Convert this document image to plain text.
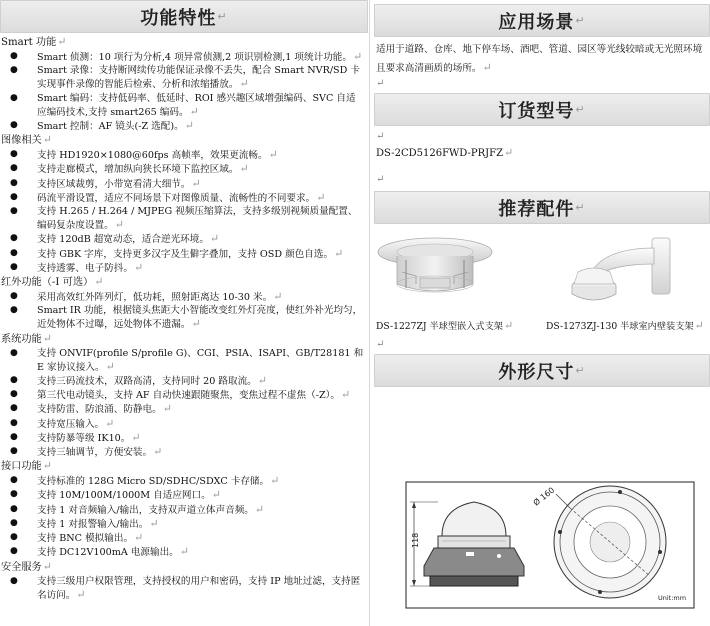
功能特性 ↵
Smart 功能↵
● Smart 侦测：10 项行为分析,4 项异常侦测,2 项识别检测,1 项统计功能。↵
● Smart 录像：支持断网续传功能保证录像不丢失，配合 Smart NVR/SD 卡实现事件录像的智能后检索、分析和浓缩播放。↵
● Smart 编码：支持低码率、低延时、ROI 感兴趣区域增强编码、SVC 自适应编码技术,支持 smart265 编码。↵
● Smart 控制：AF 镜头(-Z 选配)。↵
图像相关↵
● 支持 HD1920×1080@60fps 高帧率，效果更流畅。↵
● 支持走廊模式，增加纵向狭长环境下监控区域。↵
● 支持区域裁剪，小带宽看清大细节。↵
● 码流平滑设置，适应不同场景下对图像质量、流畅性的不同要求。↵
● 支持 H.265 / H.264 / MJPEG 视频压缩算法，支持多级别视频质量配置、编码复杂度设置。↵
● 支持 120dB 超宽动态，适合逆光环境。↵
● 支持 GBK 字库，支持更多汉字及生僻字叠加，支持 OSD 颜色自选。↵
● 支持透雾、电子防抖。↵
红外功能（-I 可选）↵
● 采用高效红外阵列灯，低功耗，照射距离达 10-30 米。↵
● Smart IR 功能，根据镜头焦距大小智能改变红外灯亮度，使红外补光均匀，近处物体不过曝，远处物体不遗漏。↵
系统功能↵
● 支持 ONVIF(profile S/profile G)、CGI、PSIA、ISAPI、GB/T28181 和 E 家协议接入。↵
● 支持三码流技术，双路高清，支持同时 20 路取流。↵
● 第三代电动镜头，支持 AF 自动快速跟随聚焦，变焦过程不虚焦（-Z）。↵
● 支持防雷、防浪涌、防静电。↵
● 支持宽压输入。↵
● 支持防暴等级 IK10。↵
● 支持三轴调节，方便安装。↵
接口功能↵
● 支持标准的 128G Micro SD/SDHC/SDXC 卡存储。↵
● 支持 10M/100M/1000M 自适应网口。↵
● 支持 1 对音频输入/输出，支持双声道立体声音频。↵
● 支持 1 对报警输入/输出。↵
● 支持 BNC 模拟输出。↵
● 支持 DC12V100mA 电源输出。↵
安全服务↵
● 支持三级用户权限管理，支持授权的用户和密码，支持 IP 地址过滤，支持匿名访问。↵
应用场景 ↵
适用于道路、仓库、地下停车场、酒吧、管道、园区等光线较暗或无光照环境且要求高清画质的场所。↵
↵
订货型号 ↵
↵
DS-2CD5126FWD-PRJFZ↵
↵
推荐配件 ↵
DS-1227ZJ 半球型嵌入式支架↵	DS-1273ZJ-130 半球室内壁装支架↵
↵
外形尺寸 ↵
118
Ø 160
Unit:mm
